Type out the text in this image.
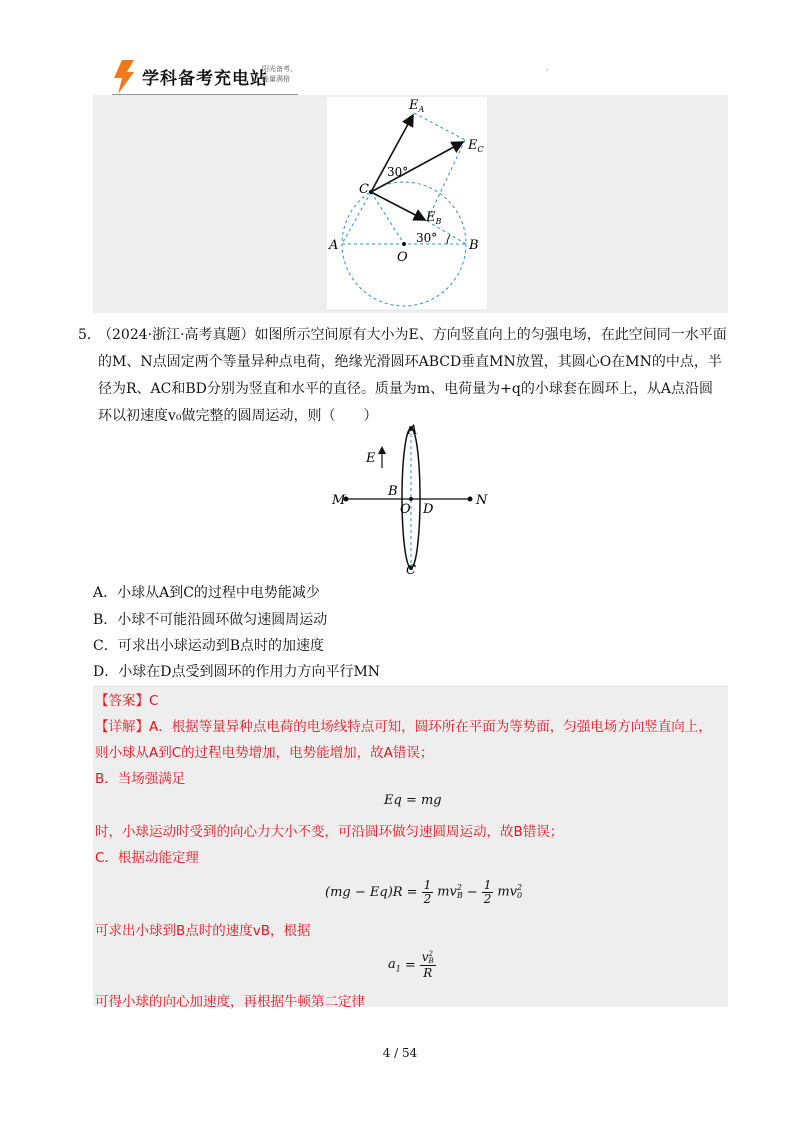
学科备考充电站
阳光备考，
能量满格
·
$E_A$
$E_C$
$E_B$
30°
30°
C
A	B
O
5．（2024·浙江·高考真题）如图所示空间原有大小为E、方向竖直向上的匀强电场，在此空间同一水平面
的M、N点固定两个等量异种点电荷，绝缘光滑圆环ABCD垂直MN放置，其圆心O在MN的中点，半
径为R、AC和BD分别为竖直和水平的直径。质量为m、电荷量为+q的小球套在圆环上，从A点沿圆
环以初速度v₀做完整的圆周运动，则（　　）
A
E
B
M
O D
N
C
A．小球从A到C的过程中电势能减少
B．小球不可能沿圆环做匀速圆周运动
C．可求出小球运动到B点时的加速度
D．小球在D点受到圆环的作用力方向平行MN
【答案】C
【详解】A．根据等量异种点电荷的电场线特点可知，圆环所在平面为等势面，匀强电场方向竖直向上，
则小球从A到C的过程电势增加，电势能增加，故A错误；
B．当场强满足
Eq = mg
时，小球运动时受到的向心力大小不变，可沿圆环做匀速圆周运动，故B错误；
C．根据动能定理
$(mg - Eq)R = \frac{1}{2}$ mv 2
$B - \frac{1}{2}$ mv 2
0
可求出小球到B点时的速度vB，根据
$a_1 = v$ 2
B
R
可得小球的向心加速度，再根据牛顿第二定律
4 / 54
